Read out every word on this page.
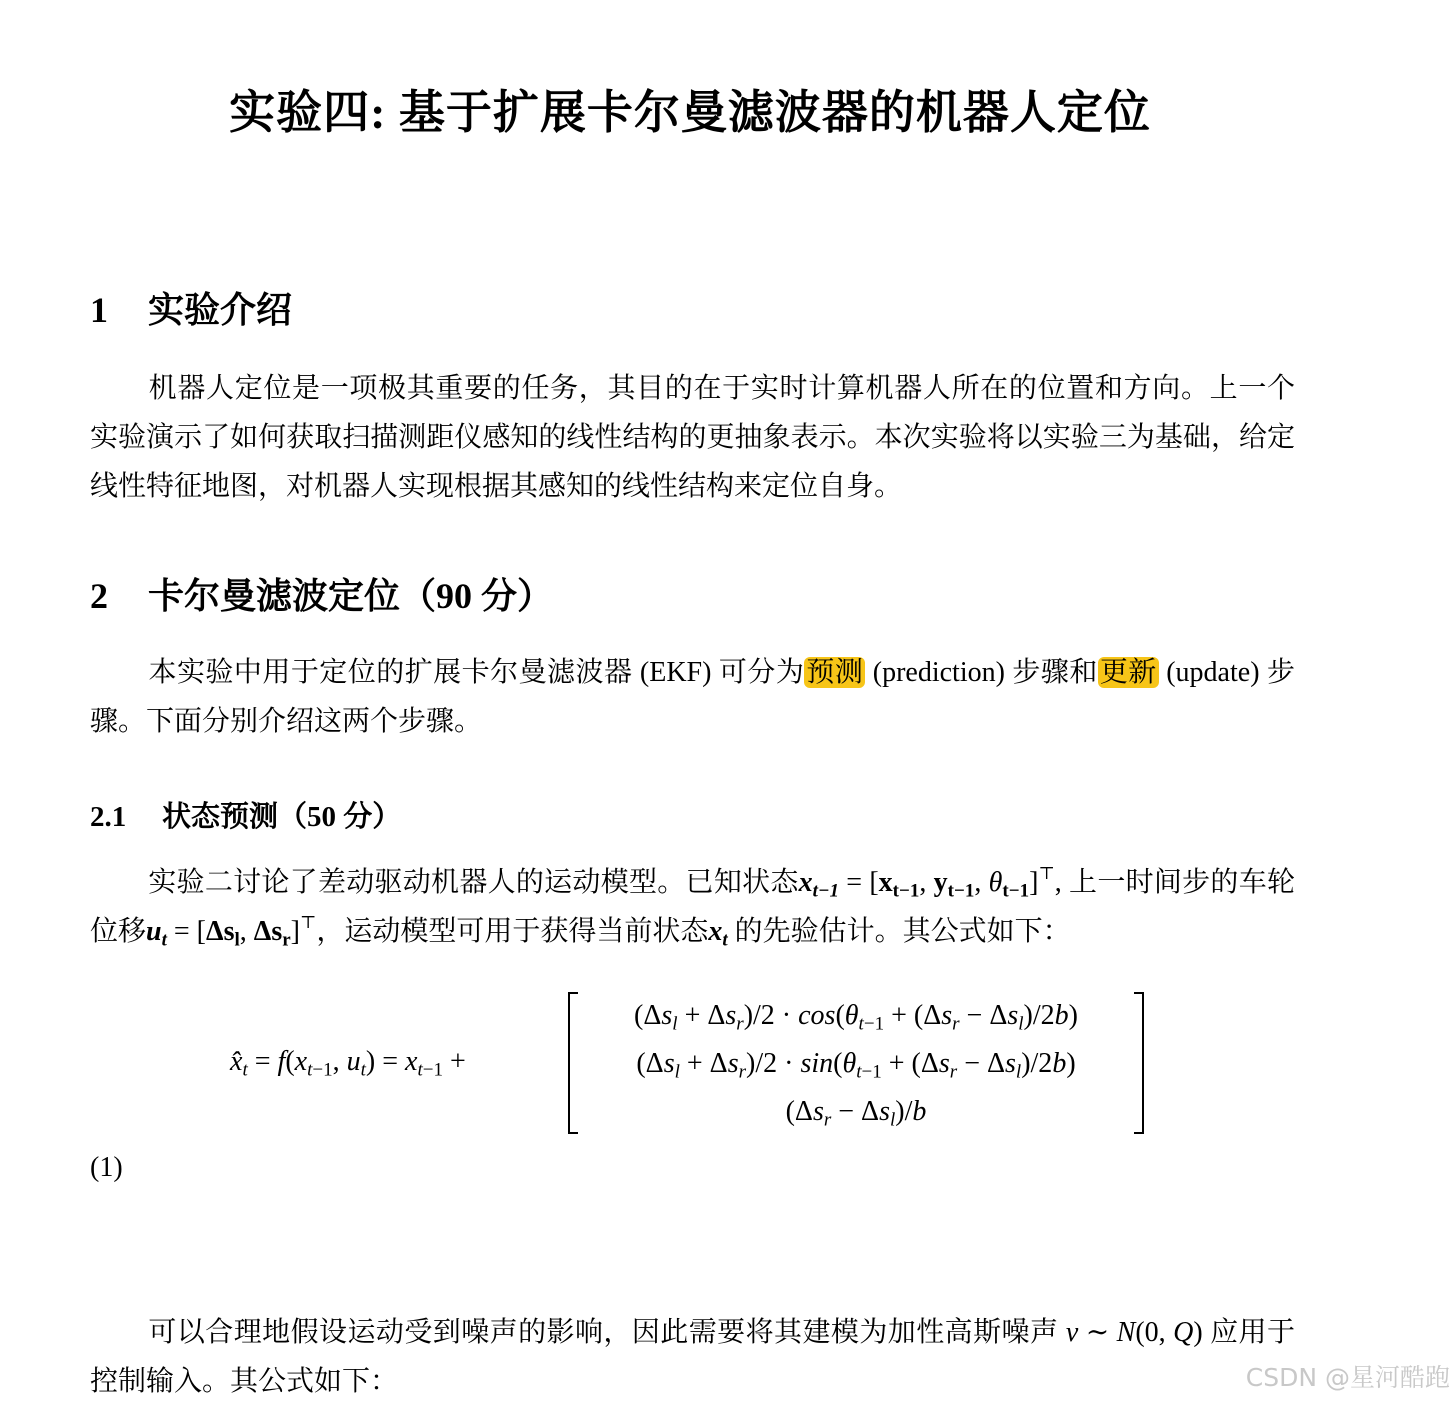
实验四: 基于扩展卡尔曼滤波器的机器人定位
1 实验介绍
机器人定位是一项极其重要的任务，其目的在于实时计算机器人所在的位置和方向。上一个实验演示了如何获取扫描测距仪感知的线性结构的更抽象表示。本次实验将以实验三为基础，给定线性特征地图，对机器人实现根据其感知的线性结构来定位自身。
2 卡尔曼滤波定位（90 分）
本实验中用于定位的扩展卡尔曼滤波器 (EKF) 可分为预测 (prediction) 步骤和更新 (update) 步骤。下面分别介绍这两个步骤。
2.1 状态预测（50 分）
实验二讨论了差动驱动机器人的运动模型。已知状态$x_{t-1} = [x_{t-1}$, $y_{t-1}$, $\theta_{t-1}]^⊤$, 上一时间步的车轮位移$u_t = [\Delta s_l$, $\Delta s_r]^⊤$，运动模型可用于获得当前状态$x_t$ 的先验估计。其公式如下：
$x̂_t = f(x_{t-1}$, $u_t) = x_{t-1}$ +
$(\Delta s_l + \Delta s_r)/2 \cdot \cos(\theta_{t-1} + (\Delta s_r - \Delta s_l)/2b)$
$(\Delta s_l + \Delta s_r)/2 \cdot \sin(\theta_{t-1} + (\Delta s_r - \Delta s_l)/2b)$
$(\Delta s_r - \Delta s_l)/b$
(1)
可以合理地假设运动受到噪声的影响，因此需要将其建模为加性高斯噪声 v ∼ N(0, Q) 应用于控制输入。其公式如下：	CSDN @星河酷跑
